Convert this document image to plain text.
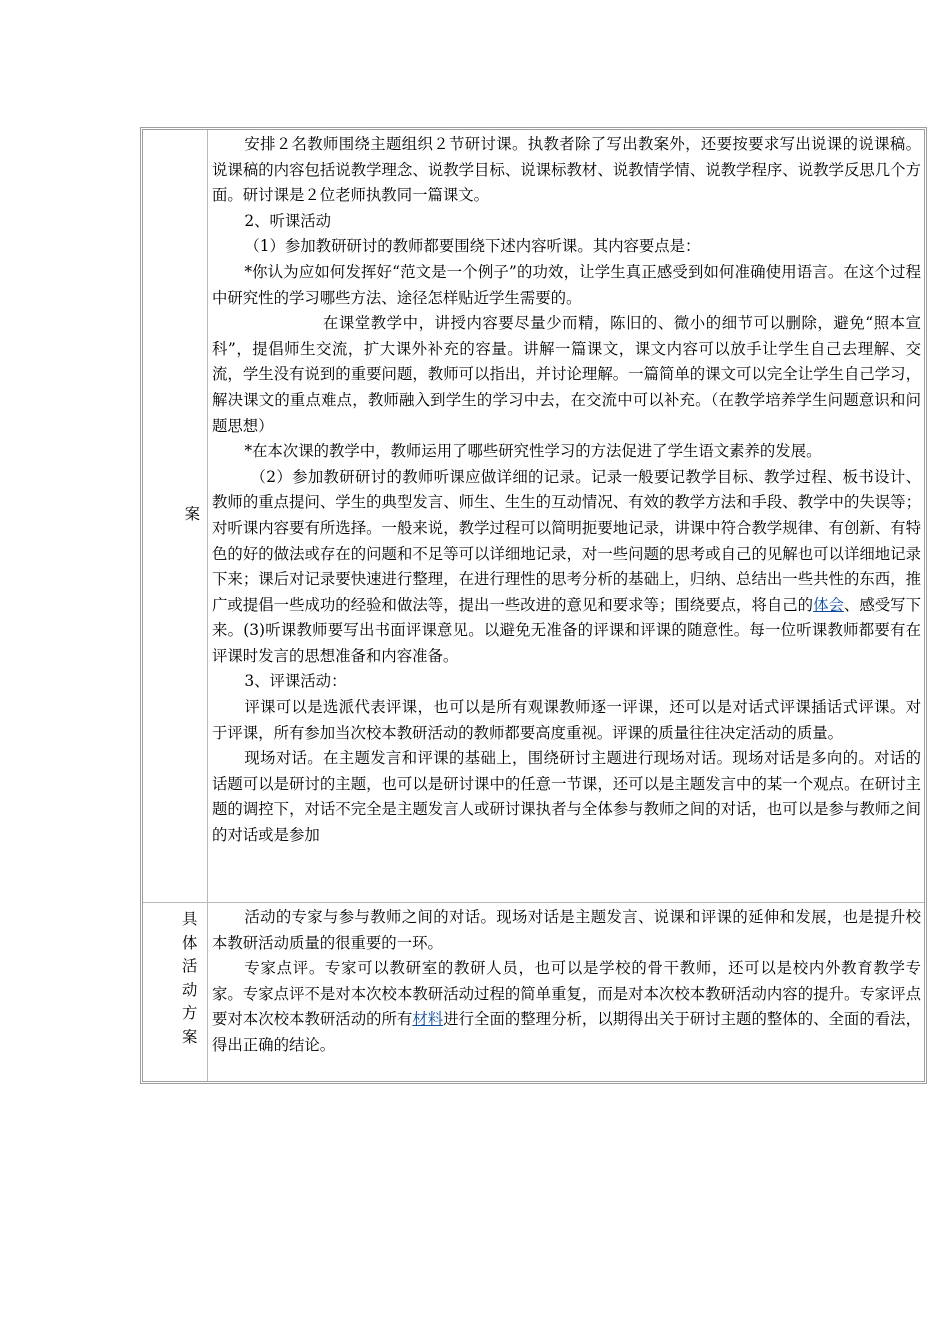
案

安排２名教师围绕主题组织２节研讨课。执教者除了写出教案外，还要按要求写出说课的说课稿。说课稿的内容包括说教学理念、说教学目标、说课标教材、说教情学情、说教学程序、说教学反思几个方面。研讨课是２位老师执教同一篇课文。

2、听课活动

（1）参加教研研讨的教师都要围绕下述内容听课。其内容要点是：

*你认为应如何发挥好“范文是一个例子”的功效，让学生真正感受到如何准确使用语言。在这个过程中研究性的学习哪些方法、途径怎样贴近学生需要的。

在课堂教学中，讲授内容要尽量少而精，陈旧的、微小的细节可以删除，避免“照本宣科”，提倡师生交流，扩大课外补充的容量。讲解一篇课文，课文内容可以放手让学生自己去理解、交流，学生没有说到的重要问题，教师可以指出，并讨论理解。一篇简单的课文可以完全让学生自己学习，解决课文的重点难点，教师融入到学生的学习中去，在交流中可以补充。（在教学培养学生问题意识和问题思想）

*在本次课的教学中，教师运用了哪些研究性学习的方法促进了学生语文素养的发展。

（2）参加教研研讨的教师听课应做详细的记录。记录一般要记教学目标、教学过程、板书设计、教师的重点提问、学生的典型发言、师生、生生的互动情况、有效的教学方法和手段、教学中的失误等；对听课内容要有所选择。一般来说，教学过程可以简明扼要地记录，讲课中符合教学规律、有创新、有特色的好的做法或存在的问题和不足等可以详细地记录，对一些问题的思考或自己的见解也可以详细地记录下来；课后对记录要快速进行整理，在进行理性的思考分析的基础上，归纳、总结出一些共性的东西，推广或提倡一些成功的经验和做法等，提出一些改进的意见和要求等；围绕要点，将自己的体会、感受写下来。(3)听课教师要写出书面评课意见。以避免无准备的评课和评课的随意性。每一位听课教师都要有在评课时发言的思想准备和内容准备。

3、评课活动：

评课可以是选派代表评课，也可以是所有观课教师逐一评课，还可以是对话式评课插话式评课。对于评课，所有参加当次校本教研活动的教师都要高度重视。评课的质量往往决定活动的质量。

现场对话。在主题发言和评课的基础上，围绕研讨主题进行现场对话。现场对话是多向的。对话的话题可以是研讨的主题，也可以是研讨课中的任意一节课，还可以是主题发言中的某一个观点。在研讨主题的调控下，对话不完全是主题发言人或研讨课执者与全体参与教师之间的对话，也可以是参与教师之间的对话或是参加

具体活动方案

活动的专家与参与教师之间的对话。现场对话是主题发言、说课和评课的延伸和发展，也是提升校本教研活动质量的很重要的一环。

专家点评。专家可以教研室的教研人员，也可以是学校的骨干教师，还可以是校内外教育教学专家。专家点评不是对本次校本教研活动过程的简单重复，而是对本次校本教研活动内容的提升。专家评点要对本次校本教研活动的所有材料进行全面的整理分析，以期得出关于研讨主题的整体的、全面的看法，得出正确的结论。
